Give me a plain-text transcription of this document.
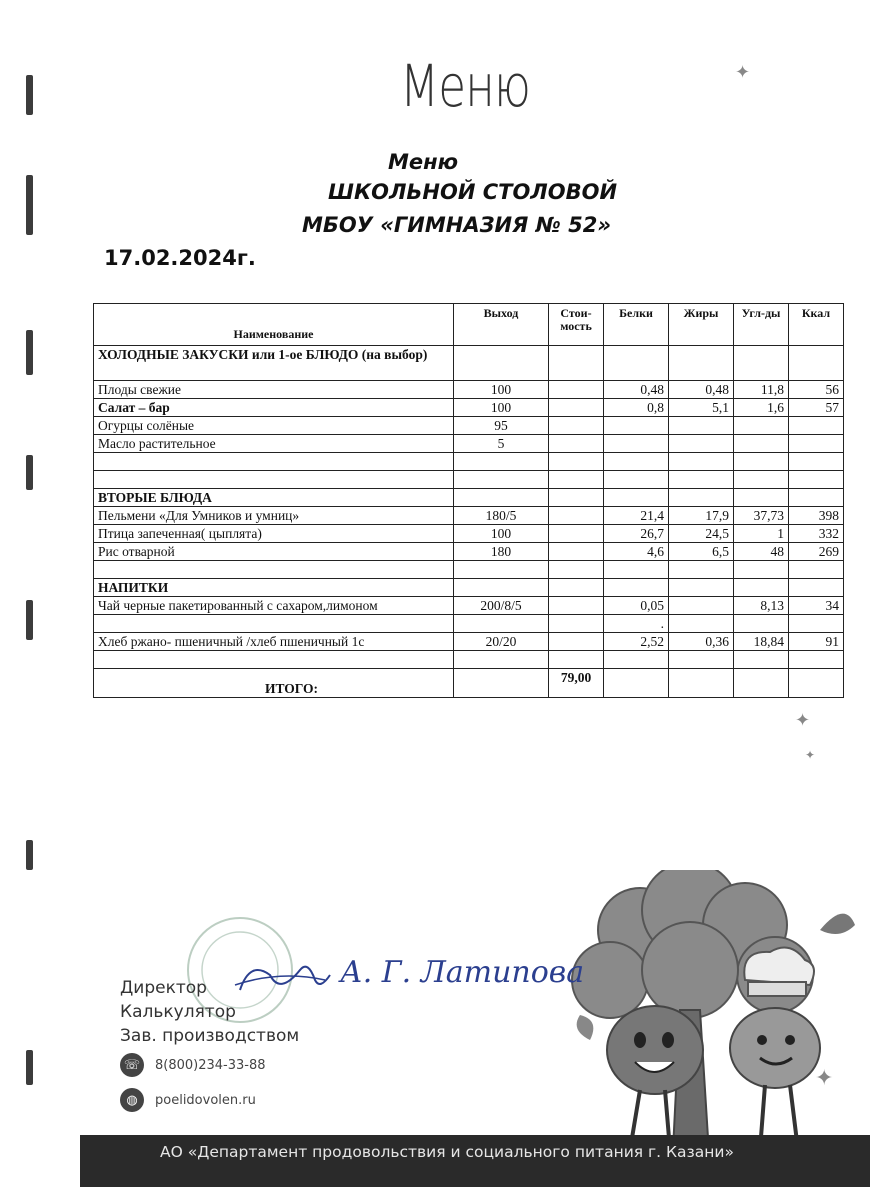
✦
✦
✦
Меню
Меню
ШКОЛЬНОЙ СТОЛОВОЙ
МБОУ «ГИМНАЗИЯ № 52»
17.02.2024г.
Наименование	Выход	Стои-мость	Белки	Жиры	Угл-ды	Ккал
ХОЛОДНЫЕ ЗАКУСКИ или 1-ое БЛЮДО (на выбор)						
Плоды свежие	100		0,48	0,48	11,8	56
Салат – бар	100		0,8	5,1	1,6	57
Огурцы солёные	95					
Масло растительное	5					

ВТОРЫЕ БЛЮДА						
Пельмени «Для Умников и умниц»	180/5		21,4	17,9	37,73	398
Птица запеченная( цыплята)	100		26,7	24,5	1	332
Рис отварной	180		4,6	6,5	48	269

НАПИТКИ						
Чай черные пакетированный с сахаром,лимоном	200/8/5		0,05		8,13	34
			.			
Хлеб ржано- пшеничный /хлеб пшеничный 1с	20/20		2,52	0,36	18,84	91

ИТОГО:		79,00				
✦
А. Г. Латипова
Директор
Калькулятор
Зав. производством
☏ 8(800)234-33-88
◍	poelidovolen.ru
АО «Департамент продовольствия и социального питания г. Казани»
